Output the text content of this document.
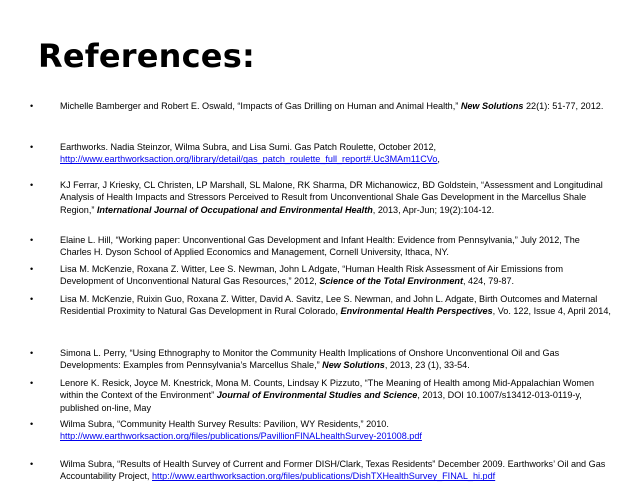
References:
•	Michelle Bamberger and Robert E. Oswald, “Impacts of Gas Drilling on Human and Animal Health,” New Solutions 22(1): 51-77, 2012.
•	Earthworks. Nadia Steinzor, Wilma Subra, and Lisa Sumi. Gas Patch Roulette, October 2012, http://www.earthworksaction.org/library/detail/gas_patch_roulette_full_report#.Uc3MAm11CVo,
•	KJ Ferrar, J Kriesky, CL Christen, LP Marshall, SL Malone, RK Sharma, DR Michanowicz, BD Goldstein, “Assessment and Longitudinal Analysis of Health Impacts and Stressors Perceived to Result from Unconventional Shale Gas Development in the Marcellus Shale Region,” International Journal of Occupational and Environmental Health, 2013, Apr-Jun; 19(2):104-12.
•	Elaine L. Hill, “Working paper: Unconventional Gas Development and Infant Health: Evidence from Pennsylvania,” July 2012, The Charles H. Dyson School of Applied Economics and Management, Cornell University, Ithaca, NY.
•	Lisa M. McKenzie, Roxana Z. Witter, Lee S. Newman, John L Adgate, “Human Health Risk Assessment of Air Emissions from Development of Unconventional Natural Gas Resources,” 2012, Science of the Total Environment, 424, 79-87.
•	Lisa M. McKenzie, Ruixin Guo, Roxana Z. Witter, David A. Savitz, Lee S. Newman, and John L. Adgate, Birth Outcomes and Maternal Residential Proximity to Natural Gas Development in Rural Colorado, Environmental Health Perspectives, Vo. 122, Issue 4, April 2014,
•	Simona L. Perry, “Using Ethnography to Monitor the Community Health Implications of Onshore Unconventional Oil and Gas Developments: Examples from Pennsylvania’s Marcellus Shale,” New Solutions, 2013, 23 (1), 33-54.
•	Lenore K. Resick, Joyce M. Knestrick, Mona M. Counts, Lindsay K Pizzuto, “The Meaning of Health among Mid-Appalachian Women within the Context of the Environment” Journal of Environmental Studies and Science, 2013, DOI 10.1007/s13412-013-0119-y, published on-line, May
•	Wilma Subra, “Community Health Survey Results: Pavilion, WY Residents,” 2010. http://www.earthworksaction.org/files/publications/PavillionFINALhealthSurvey-201008.pdf
•	Wilma Subra, “Results of Health Survey of Current and Former DISH/Clark, Texas Residents” December 2009. Earthworks’ Oil and Gas Accountability Project, http://www.earthworksaction.org/files/publications/DishTXHealthSurvey_FINAL_hi.pdf
